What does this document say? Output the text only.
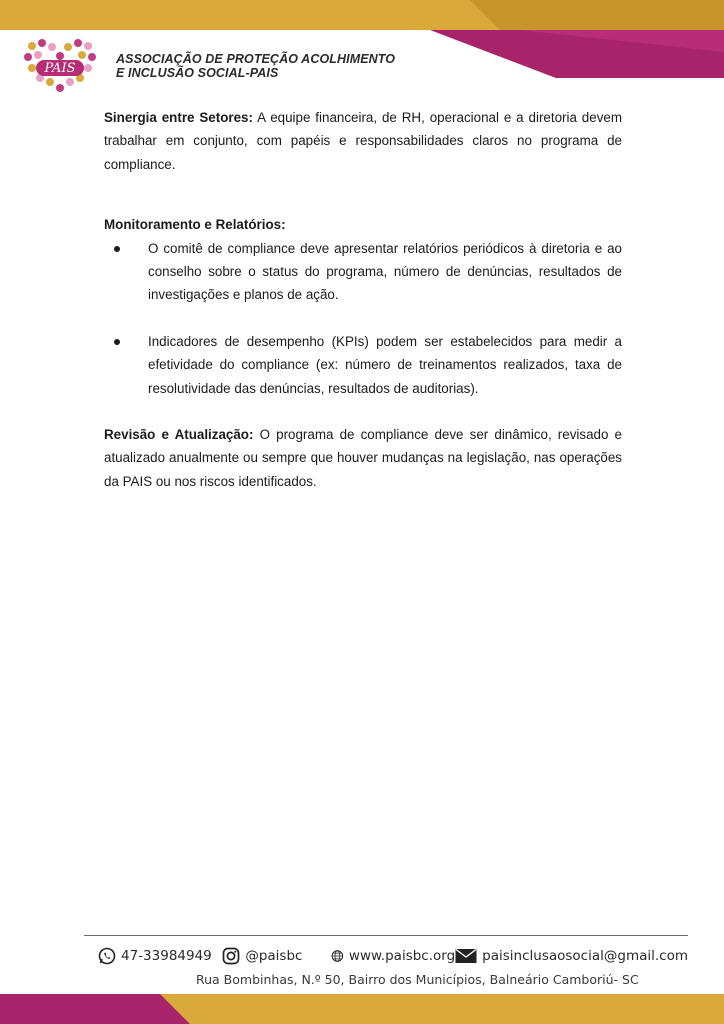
PAIS
ASSOCIAÇÃO DE PROTEÇÃO ACOLHIMENTO
E INCLUSÃO SOCIAL-PAIS

Sinergia entre Setores: A equipe financeira, de RH, operacional e a diretoria devem trabalhar em conjunto, com papéis e responsabilidades claros no programa de compliance.

Monitoramento e Relatórios:

O comitê de compliance deve apresentar relatórios periódicos à diretoria e ao conselho sobre o status do programa, número de denúncias, resultados de investigações e planos de ação.
Indicadores de desempenho (KPIs) podem ser estabelecidos para medir a efetividade do compliance (ex: número de treinamentos realizados, taxa de resolutividade das denúncias, resultados de auditorias).

Revisão e Atualização: O programa de compliance deve ser dinâmico, revisado e atualizado anualmente ou sempre que houver mudanças na legislação, nas operações da PAIS ou nos riscos identificados.

47-33984949 @paisbc	www.paisbc.org paisinclusaosocial@gmail.com
Rua Bombinhas, N.º 50, Bairro dos Municípios, Balneário Camboriú- SC
